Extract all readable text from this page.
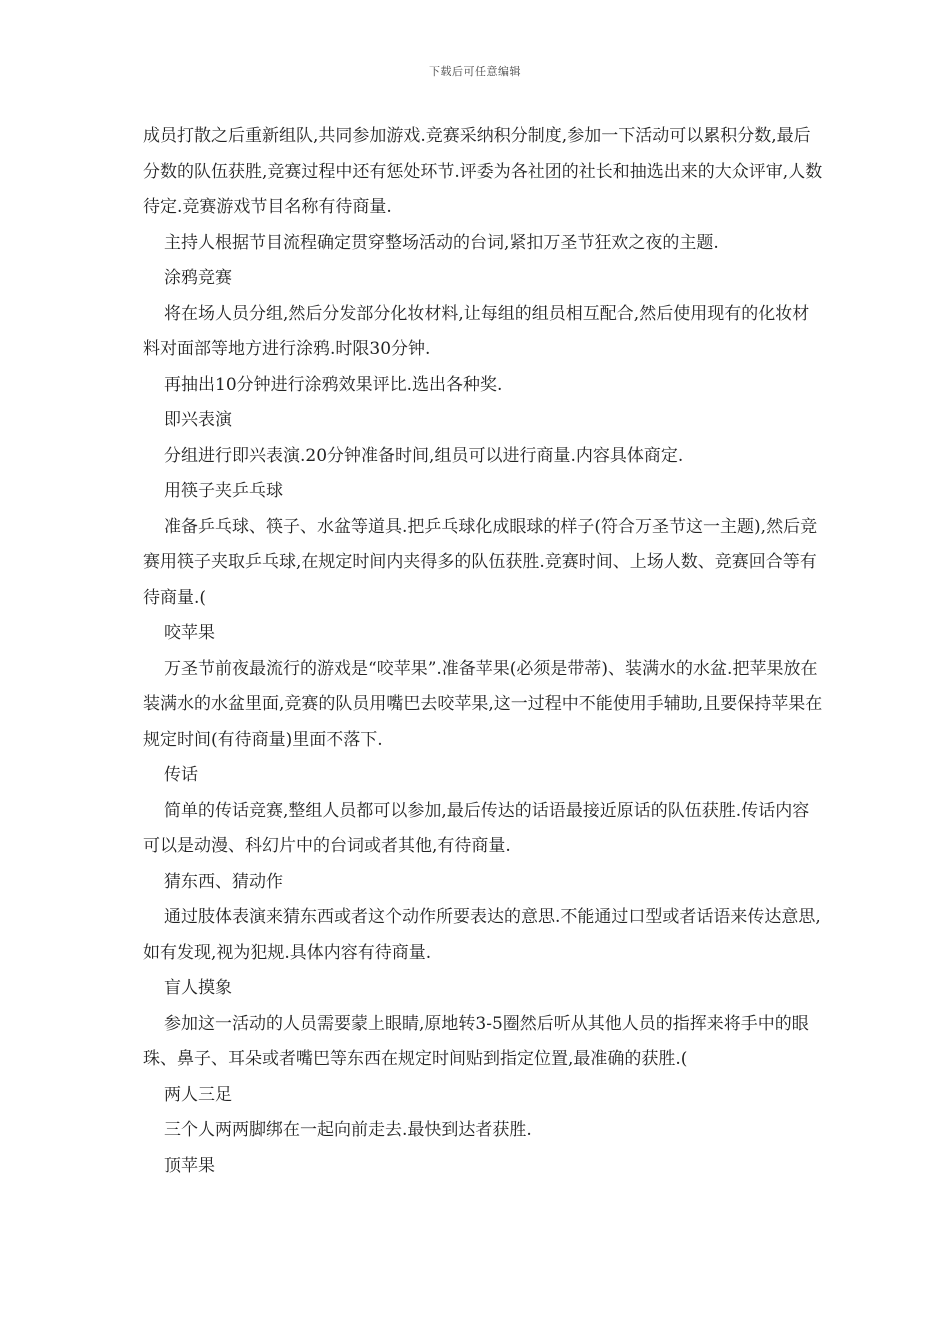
下载后可任意编辑

成员打散之后重新组队,共同参加游戏.竞赛采纳积分制度,参加一下活动可以累积分数,最后分数的队伍获胜,竞赛过程中还有惩处环节.评委为各社团的社长和抽选出来的大众评审,人数待定.竞赛游戏节目名称有待商量.

主持人根据节目流程确定贯穿整场活动的台词,紧扣万圣节狂欢之夜的主题.

涂鸦竞赛

将在场人员分组,然后分发部分化妆材料,让每组的组员相互配合,然后使用现有的化妆材料对面部等地方进行涂鸦.时限30分钟.

再抽出10分钟进行涂鸦效果评比.选出各种奖.

即兴表演

分组进行即兴表演.20分钟准备时间,组员可以进行商量.内容具体商定.

用筷子夹乒乓球

准备乒乓球、筷子、水盆等道具.把乒乓球化成眼球的样子(符合万圣节这一主题),然后竞赛用筷子夹取乒乓球,在规定时间内夹得多的队伍获胜.竞赛时间、上场人数、竞赛回合等有待商量.(

咬苹果

万圣节前夜最流行的游戏是“咬苹果”.准备苹果(必须是带蒂)、装满水的水盆.把苹果放在装满水的水盆里面,竞赛的队员用嘴巴去咬苹果,这一过程中不能使用手辅助,且要保持苹果在规定时间(有待商量)里面不落下.

传话

简单的传话竞赛,整组人员都可以参加,最后传达的话语最接近原话的队伍获胜.传话内容可以是动漫、科幻片中的台词或者其他,有待商量.

猜东西、猜动作

通过肢体表演来猜东西或者这个动作所要表达的意思.不能通过口型或者话语来传达意思,如有发现,视为犯规.具体内容有待商量.

盲人摸象

参加这一活动的人员需要蒙上眼睛,原地转3-5圈然后听从其他人员的指挥来将手中的眼珠、鼻子、耳朵或者嘴巴等东西在规定时间贴到指定位置,最准确的获胜.(

两人三足

三个人两两脚绑在一起向前走去.最快到达者获胜.

顶苹果
